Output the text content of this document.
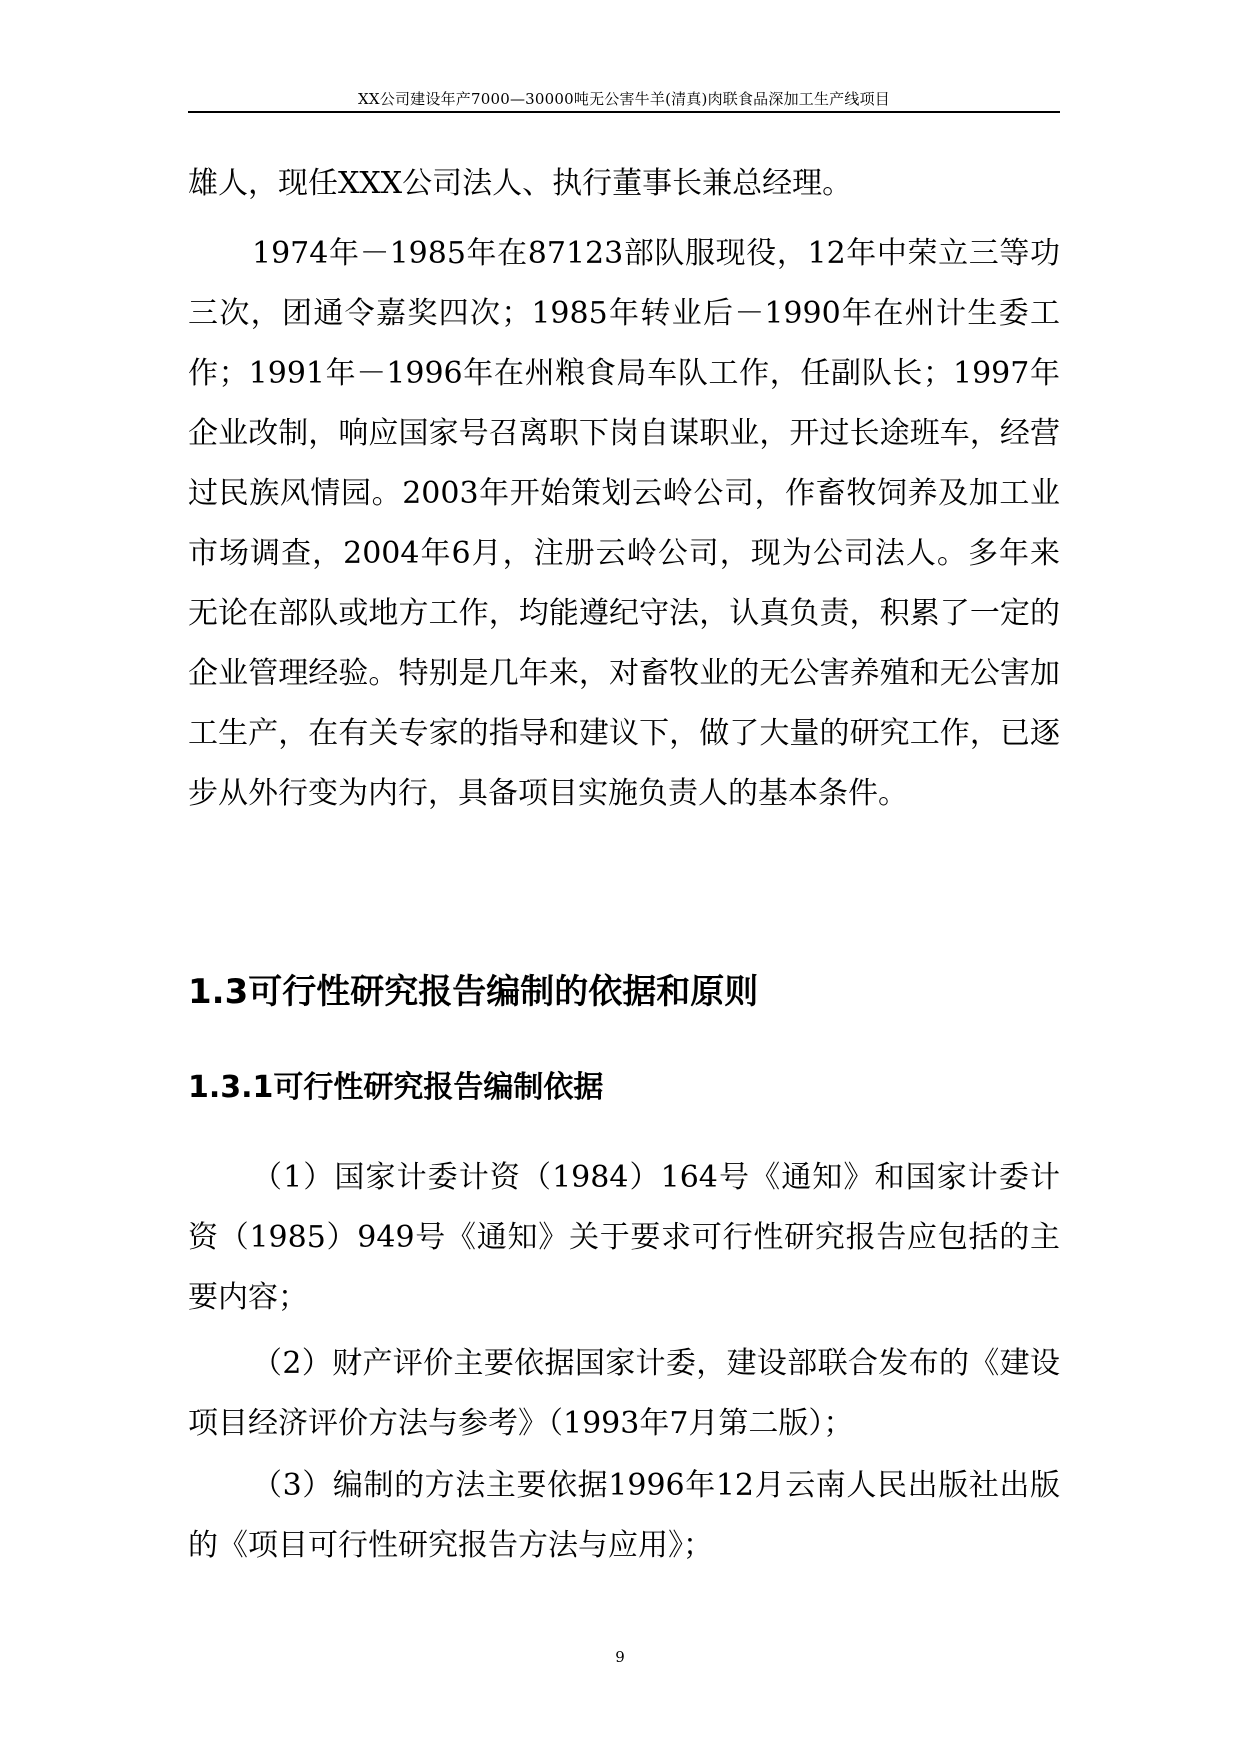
XX公司建设年产7000—30000吨无公害牛羊(清真)肉联食品深加工生产线项目

雄人，现任XXX公司法人、执行董事长兼总经理。

1974年－1985年在87123部队服现役，12年中荣立三等功三次，团通令嘉奖四次；1985年转业后－1990年在州计生委工作；1991年－1996年在州粮食局车队工作，任副队长；1997年企业改制，响应国家号召离职下岗自谋职业，开过长途班车，经营过民族风情园。2003年开始策划云岭公司，作畜牧饲养及加工业市场调查，2004年6月，注册云岭公司，现为公司法人。多年来无论在部队或地方工作，均能遵纪守法，认真负责，积累了一定的企业管理经验。特别是几年来，对畜牧业的无公害养殖和无公害加工生产，在有关专家的指导和建议下，做了大量的研究工作，已逐步从外行变为内行，具备项目实施负责人的基本条件。

1.3可行性研究报告编制的依据和原则
1.3.1可行性研究报告编制依据

（1）国家计委计资（1984）164号《通知》和国家计委计资（1985）949号《通知》关于要求可行性研究报告应包括的主要内容；

（2）财产评价主要依据国家计委，建设部联合发布的《建设项目经济评价方法与参考》（1993年7月第二版）；

（3）编制的方法主要依据1996年12月云南人民出版社出版的《项目可行性研究报告方法与应用》；

9
